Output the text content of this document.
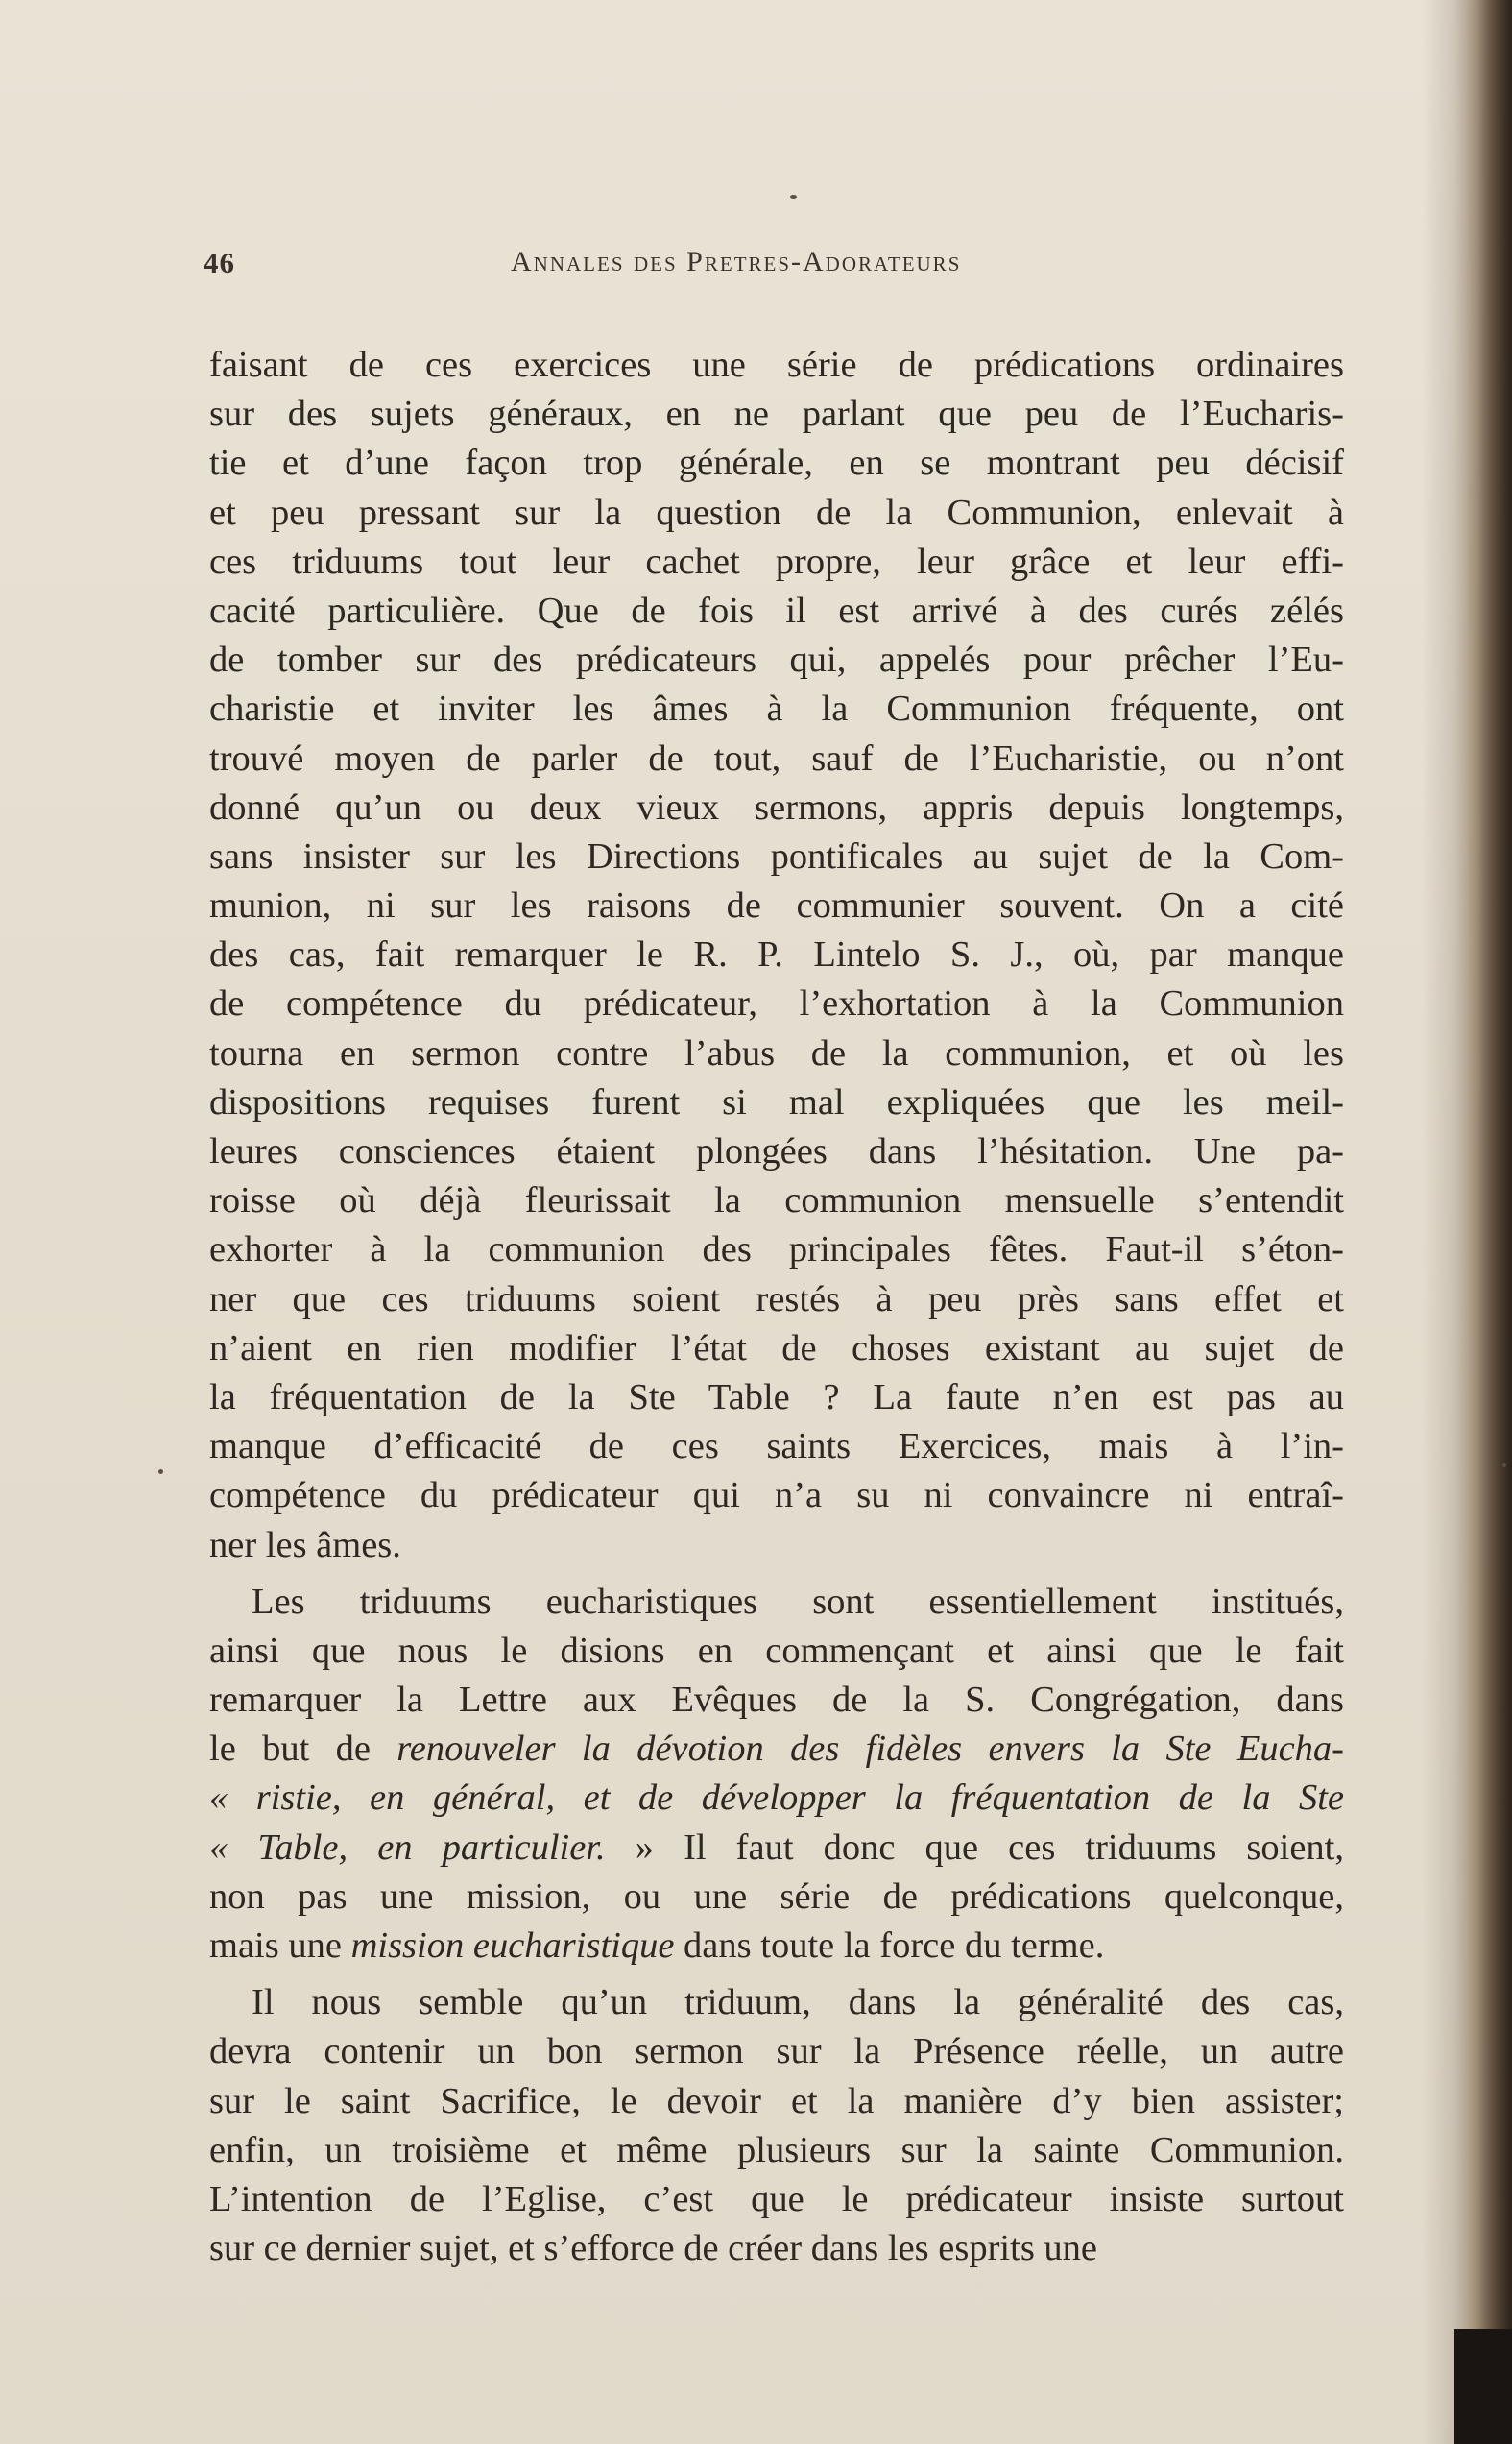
46	Annales des Pretres-Adorateurs
faisant de ces exercices une série de prédications ordinaires
sur des sujets généraux, en ne parlant que peu de l’Eucharis-
tie et d’une façon trop générale, en se montrant peu décisif
et peu pressant sur la question de la Communion, enlevait à
ces triduums tout leur cachet propre, leur grâce et leur effi-
cacité particulière. Que de fois il est arrivé à des curés zélés
de tomber sur des prédicateurs qui, appelés pour prêcher l’Eu-
charistie et inviter les âmes à la Communion fréquente, ont
trouvé moyen de parler de tout, sauf de l’Eucharistie, ou n’ont
donné qu’un ou deux vieux sermons, appris depuis longtemps,
sans insister sur les Directions pontificales au sujet de la Com-
munion, ni sur les raisons de communier souvent. On a cité
des cas, fait remarquer le R. P. Lintelo S. J., où, par manque
de compétence du prédicateur, l’exhortation à la Communion
tourna en sermon contre l’abus de la communion, et où les
dispositions requises furent si mal expliquées que les meil-
leures consciences étaient plongées dans l’hésitation. Une pa-
roisse où déjà fleurissait la communion mensuelle s’entendit
exhorter à la communion des principales fêtes. Faut-il s’éton-
ner que ces triduums soient restés à peu près sans effet et
n’aient en rien modifier l’état de choses existant au sujet de
la fréquentation de la Ste Table ? La faute n’en est pas au
manque d’efficacité de ces saints Exercices, mais à l’in-
compétence du prédicateur qui n’a su ni convaincre ni entraî-
ner les âmes.
Les triduums eucharistiques sont essentiellement institués,
ainsi que nous le disions en commençant et ainsi que le fait
remarquer la Lettre aux Evêques de la S. Congrégation, dans
le but de renouveler la dévotion des fidèles envers la Ste Eucha-
« ristie, en général, et de développer la fréquentation de la Ste
« Table, en particulier. » Il faut donc que ces triduums soient,
non pas une mission, ou une série de prédications quelconque,
mais une mission eucharistique dans toute la force du terme.
Il nous semble qu’un triduum, dans la généralité des cas,
devra contenir un bon sermon sur la Présence réelle, un autre
sur le saint Sacrifice, le devoir et la manière d’y bien assister;
enfin, un troisième et même plusieurs sur la sainte Communion.
L’intention de l’Eglise, c’est que le prédicateur insiste surtout
sur ce dernier sujet, et s’efforce de créer dans les esprits une
